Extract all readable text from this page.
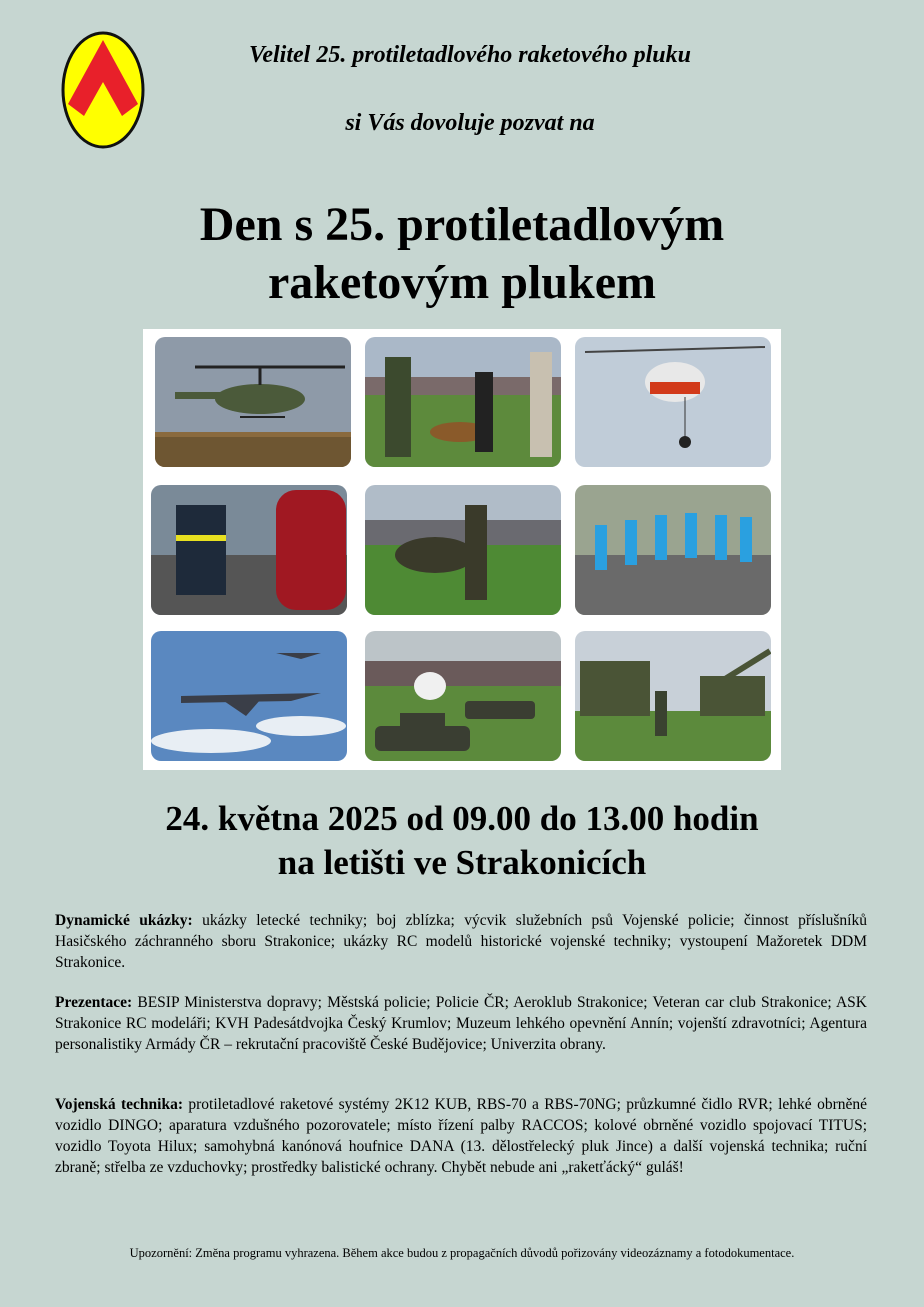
Velitel 25. protiletadlového raketového pluku
si Vás dovoluje pozvat na
Den s 25. protiletadlovým
raketovým plukem
24. května 2025 od 09.00 do 13.00 hodin
na letišti ve Strakonicích
Dynamické ukázky: ukázky letecké techniky; boj zblízka; výcvik služebních psů Vojenské policie; činnost příslušníků Hasičského záchranného sboru Strakonice; ukázky RC modelů historické vojenské techniky; vystoupení Mažoretek DDM Strakonice.
Prezentace: BESIP Ministerstva dopravy; Městská policie; Policie ČR; Aeroklub Strakonice; Veteran car club Strakonice; ASK Strakonice RC modeláři; KVH Padesátdvojka Český Krumlov; Muzeum lehkého opevnění Annín; vojenští zdravotníci; Agentura personalistiky Armády ČR – rekrutační pracoviště České Budějovice; Univerzita obrany.
Vojenská technika: protiletadlové raketové systémy 2K12 KUB, RBS-70 a RBS-70NG; průzkumné čidlo RVR; lehké obrněné vozidlo DINGO; aparatura vzdušného pozorovatele; místo řízení palby RACCOS; kolové obrněné vozidlo spojovací TITUS; vozidlo Toyota Hilux; samohybná kanónová houfnice DANA (13. dělostřelecký pluk Jince) a další vojenská technika; ruční zbraně; střelba ze vzduchovky; prostředky balistické ochrany. Chybět nebude ani „raketťácký“ guláš!
Upozornění: Změna programu vyhrazena. Během akce budou z propagačních důvodů pořizovány videozáznamy a fotodokumentace.
